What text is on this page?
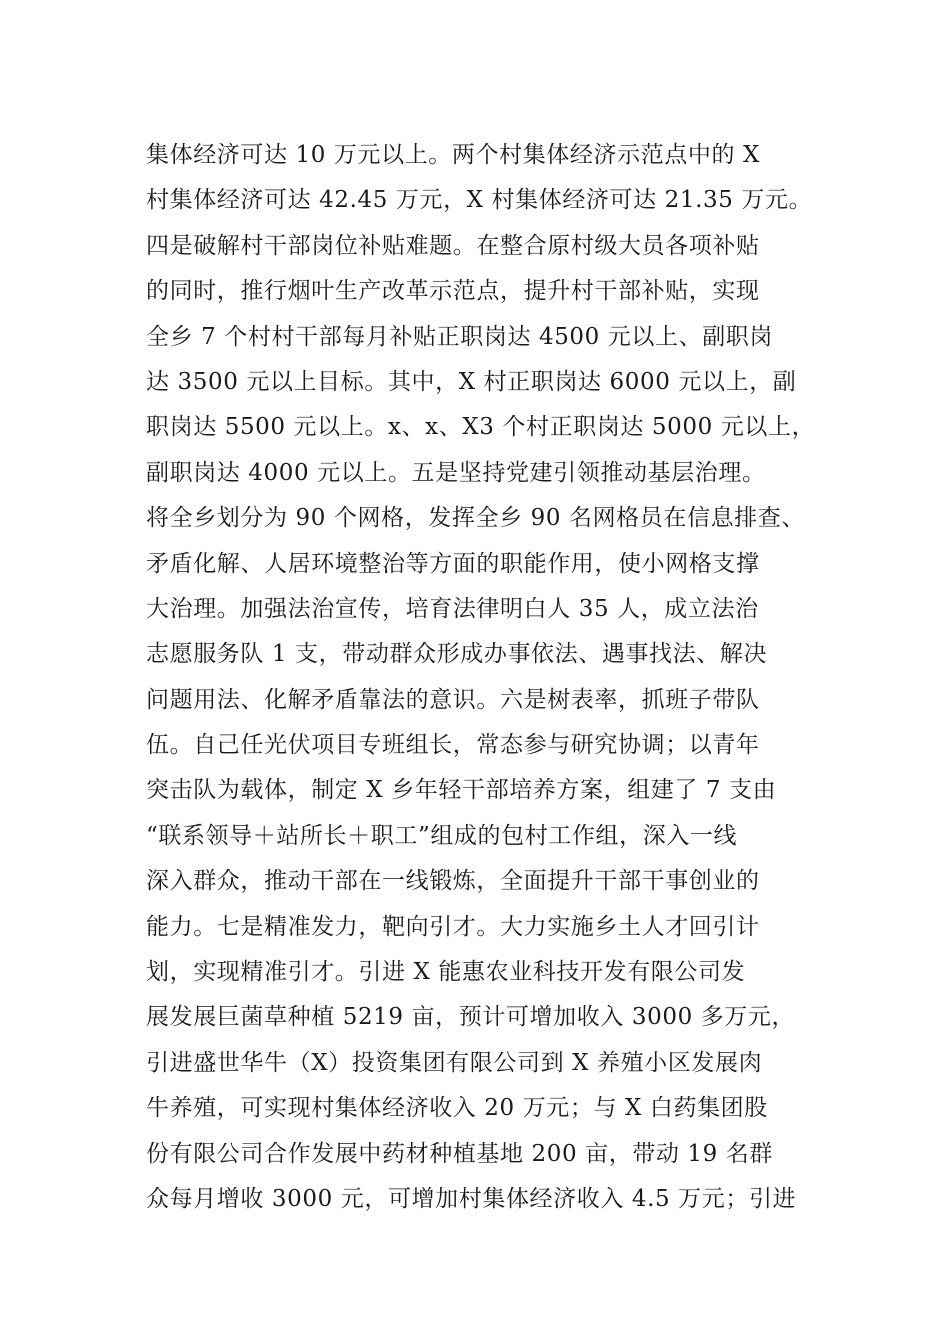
集体经济可达 10 万元以上。两个村集体经济示范点中的 X
村集体经济可达 42.45 万元，X 村集体经济可达 21.35 万元。
四是破解村干部岗位补贴难题。在整合原村级大员各项补贴
的同时，推行烟叶生产改革示范点，提升村干部补贴，实现
全乡 7 个村村干部每月补贴正职岗达 4500 元以上、副职岗
达 3500 元以上目标。其中，X 村正职岗达 6000 元以上，副
职岗达 5500 元以上。x、x、X3 个村正职岗达 5000 元以上，
副职岗达 4000 元以上。五是坚持党建引领推动基层治理。
将全乡划分为 90 个网格，发挥全乡 90 名网格员在信息排查、
矛盾化解、人居环境整治等方面的职能作用，使小网格支撑
大治理。加强法治宣传，培育法律明白人 35 人，成立法治
志愿服务队 1 支，带动群众形成办事依法、遇事找法、解决
问题用法、化解矛盾靠法的意识。六是树表率，抓班子带队
伍。自己任光伏项目专班组长，常态参与研究协调；以青年
突击队为载体，制定 X 乡年轻干部培养方案，组建了 7 支由
“联系领导＋站所长＋职工”组成的包村工作组，深入一线
深入群众，推动干部在一线锻炼，全面提升干部干事创业的
能力。七是精准发力，靶向引才。大力实施乡土人才回引计
划，实现精准引才。引进 X 能惠农业科技开发有限公司发
展发展巨菌草种植 5219 亩，预计可增加收入 3000 多万元，
引进盛世华牛（X）投资集团有限公司到 X 养殖小区发展肉
牛养殖，可实现村集体经济收入 20 万元；与 X 白药集团股
份有限公司合作发展中药材种植基地 200 亩，带动 19 名群
众每月增收 3000 元，可增加村集体经济收入 4.5 万元；引进
